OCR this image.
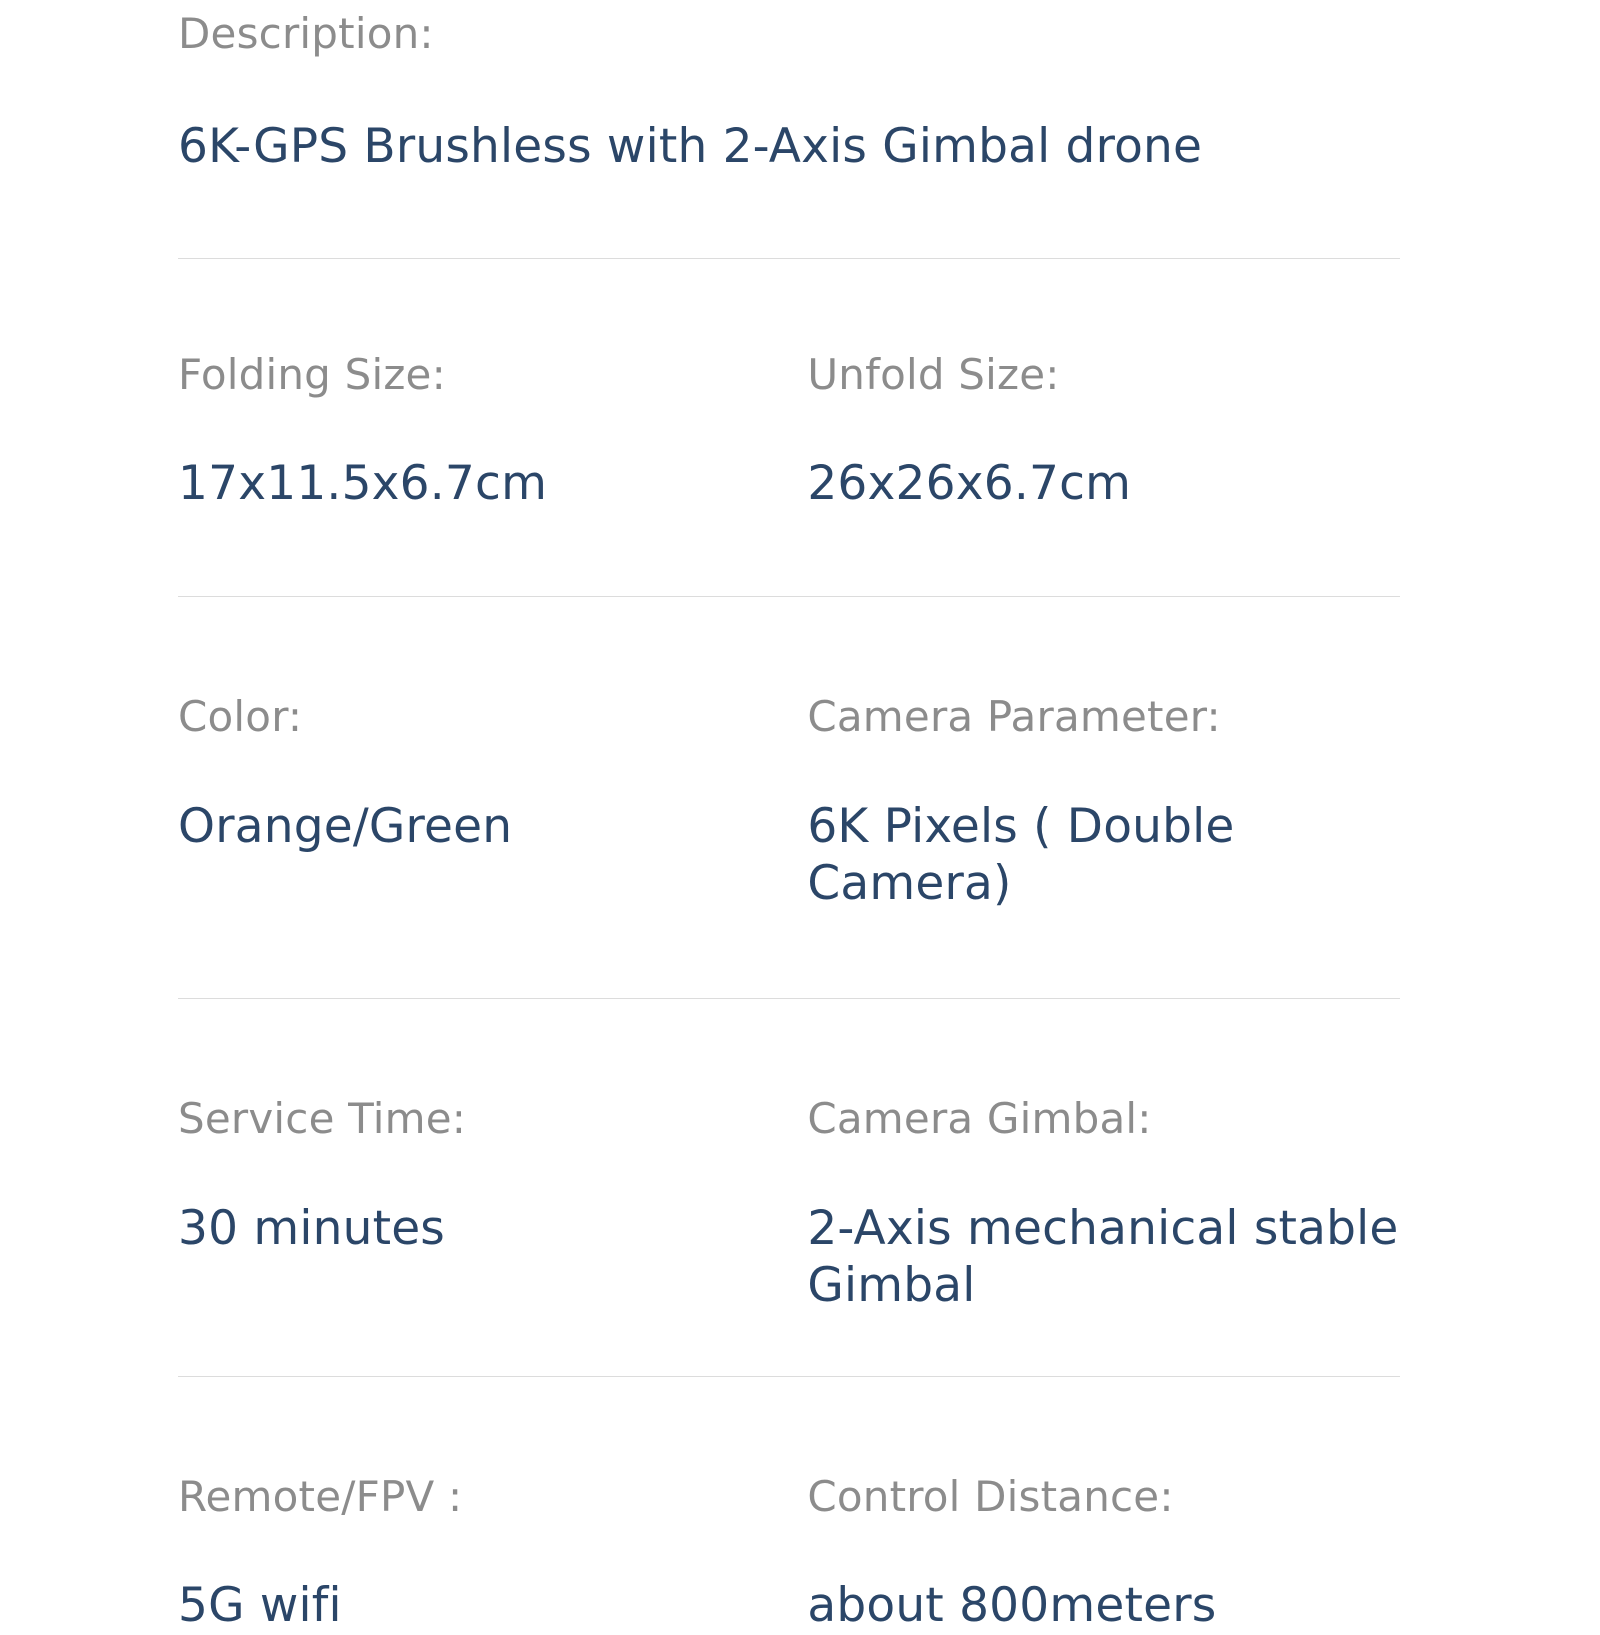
Description:
6K-GPS Brushless with 2-Axis Gimbal drone
Folding Size:
17x11.5x6.7cm
Unfold Size:
26x26x6.7cm
Color:
Orange/Green
Camera Parameter:
6K Pixels ( Double Camera)
Service Time:
30 minutes
Camera Gimbal:
2-Axis mechanical stable Gimbal
Remote/FPV :
5G wifi
Control Distance:
about 800meters
